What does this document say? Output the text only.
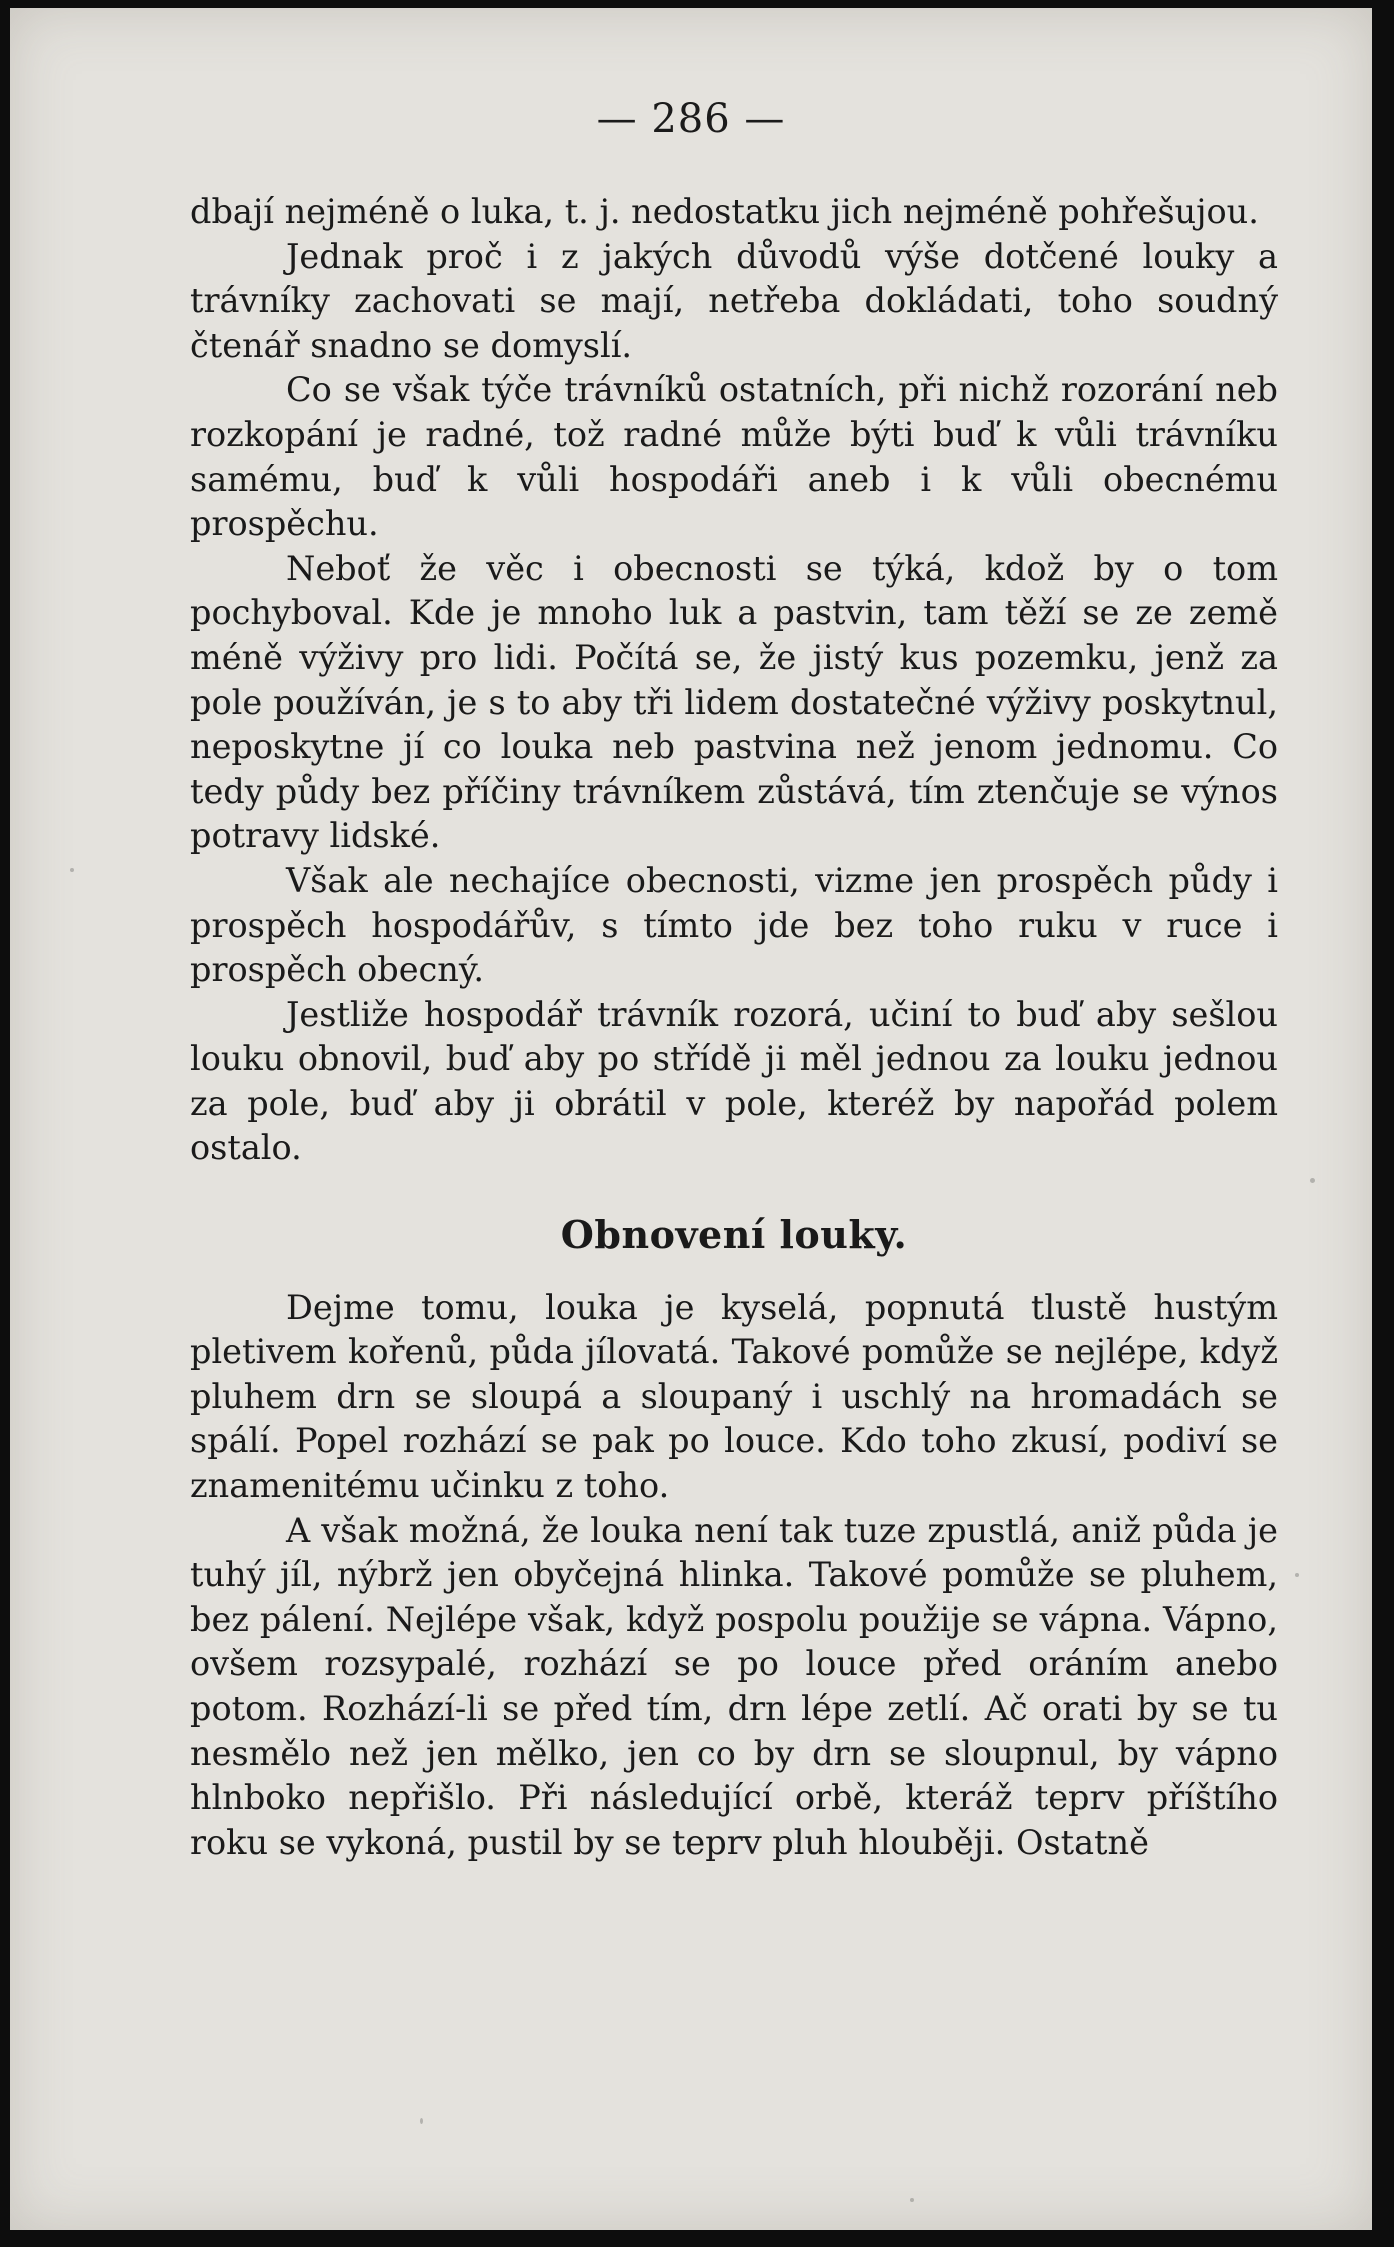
— 286 —

dbají nejméně o luka, t. j. nedostatku jich nejméně pohřešujou.

Jednak proč i z jakých důvodů výše dotčené louky a trávníky zachovati se mají, netřeba dokládati, toho soudný čtenář snadno se domyslí.

Co se však týče trávníků ostatních, při nichž rozorání neb rozkopání je radné, tož radné může býti buď k vůli trávníku samému, buď k vůli hospodáři aneb i k vůli obecnému prospěchu.

Neboť že věc i obecnosti se týká, kdož by o tom pochyboval. Kde je mnoho luk a pastvin, tam těží se ze země méně výživy pro lidi. Počítá se, že jistý kus pozemku, jenž za pole používán, je s to aby tři lidem dostatečné výživy poskytnul, neposkytne jí co louka neb pastvina než jenom jednomu. Co tedy půdy bez příčiny trávníkem zůstává, tím ztenčuje se výnos potravy lidské.

Však ale nechajíce obecnosti, vizme jen prospěch půdy i prospěch hospodářův, s tímto jde bez toho ruku v ruce i prospěch obecný.

Jestliže hospodář trávník rozorá, učiní to buď aby sešlou louku obnovil, buď aby po střídě ji měl jednou za louku jednou za pole, buď aby ji obrátil v pole, kteréž by napořád polem ostalo.

Obnovení louky.

Dejme tomu, louka je kyselá, popnutá tlustě hustým pletivem kořenů, půda jílovatá. Takové pomůže se nejlépe, když pluhem drn se sloupá a sloupaný i uschlý na hromadách se spálí. Popel rozhází se pak po louce. Kdo toho zkusí, podiví se znamenitému učinku z toho.

A však možná, že louka není tak tuze zpustlá, aniž půda je tuhý jíl, nýbrž jen obyčejná hlinka. Takové pomůže se pluhem, bez pálení. Nejlépe však, když pospolu použije se vápna. Vápno, ovšem rozsypalé, rozhází se po louce před oráním anebo potom. Rozhází-li se před tím, drn lépe zetlí. Ač orati by se tu nesmělo než jen mělko, jen co by drn se sloupnul, by vápno hlnboko nepřišlo. Při následující orbě, kteráž teprv příštího roku se vykoná, pustil by se teprv pluh hlouběji. Ostatně
